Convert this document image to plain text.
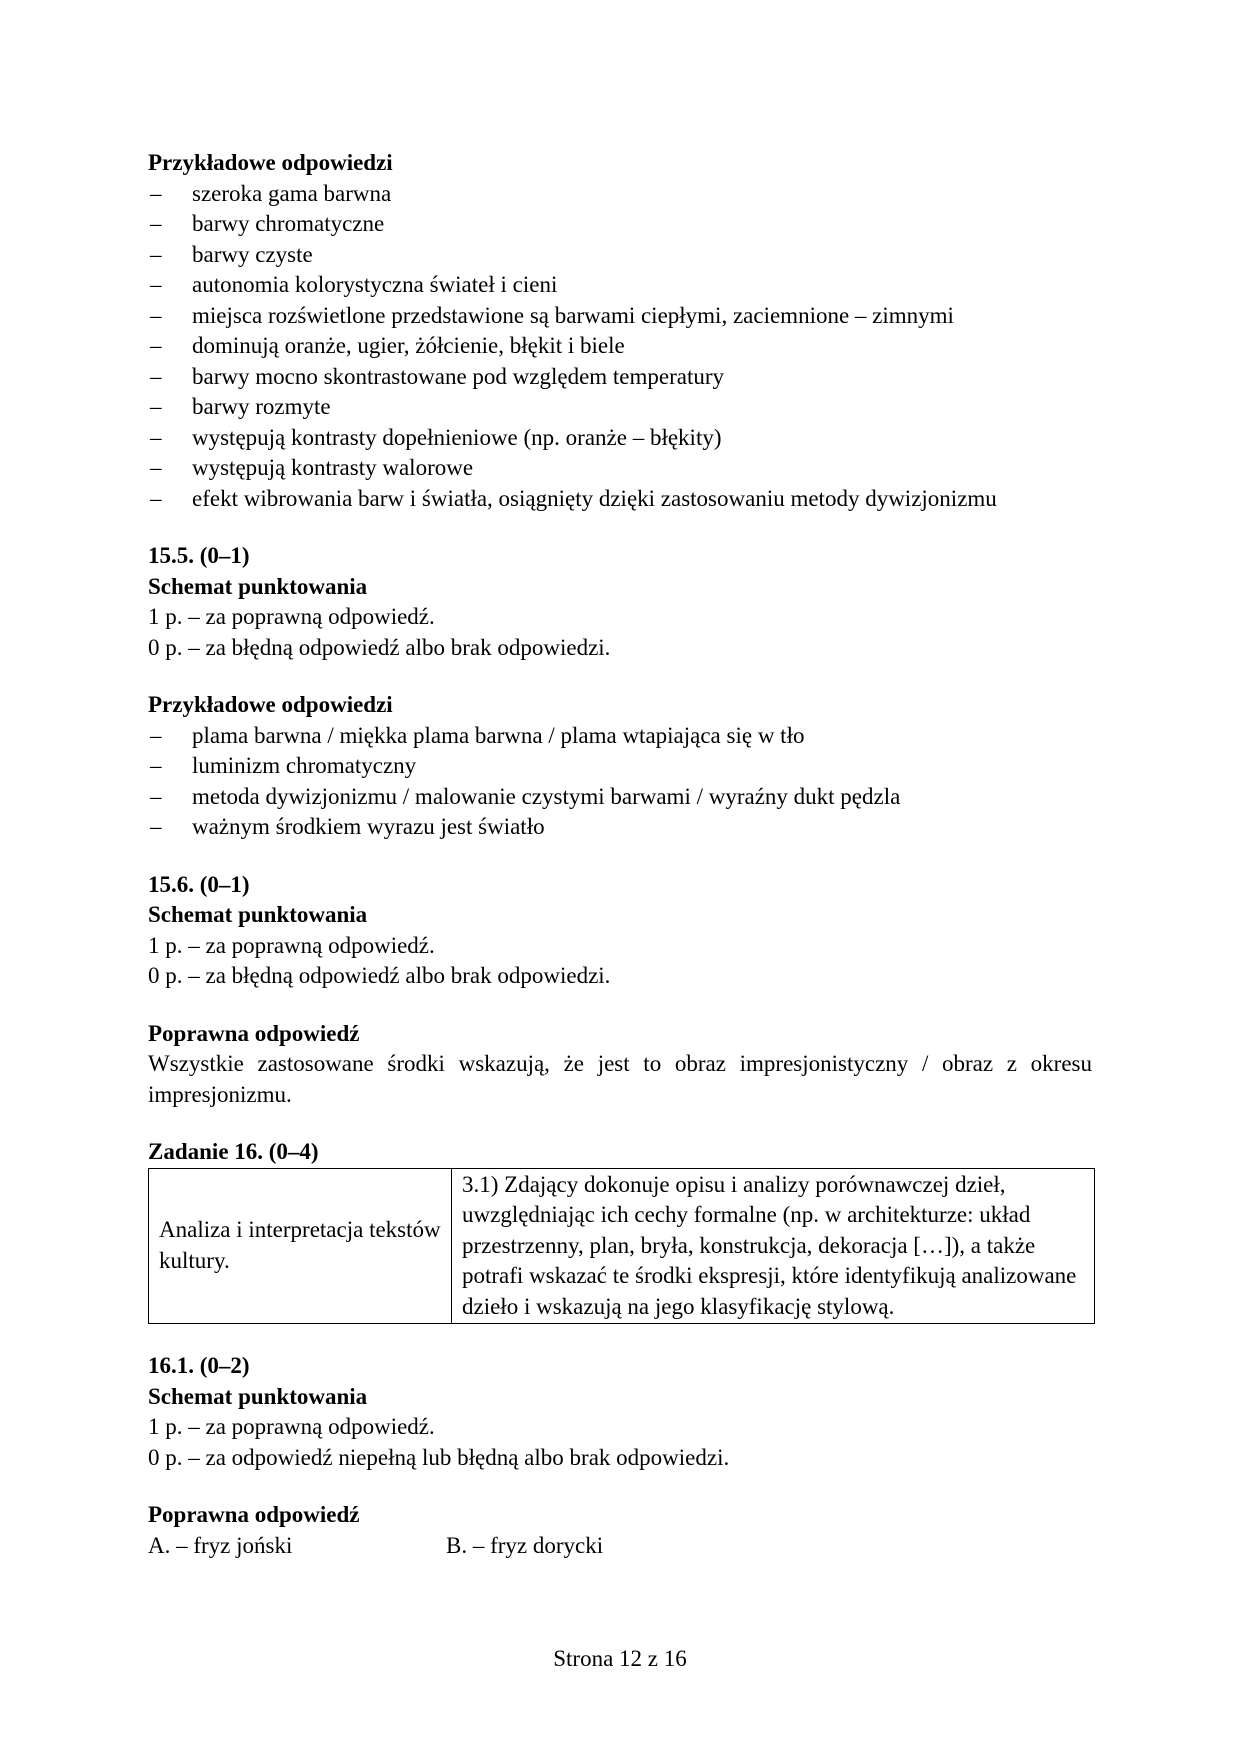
Przykładowe odpowiedzi

– szeroka gama barwna
– barwy chromatyczne
– barwy czyste
– autonomia kolorystyczna świateł i cieni
– miejsca rozświetlone przedstawione są barwami ciepłymi, zaciemnione – zimnymi
– dominują oranże, ugier, żółcienie, błękit i biele
– barwy mocno skontrastowane pod względem temperatury
– barwy rozmyte
– występują kontrasty dopełnieniowe (np. oranże – błękity)
– występują kontrasty walorowe
– efekt wibrowania barw i światła, osiągnięty dzięki zastosowaniu metody dywizjonizmu

15.5. (0–1)

Schemat punktowania

1 p. – za poprawną odpowiedź.

0 p. – za błędną odpowiedź albo brak odpowiedzi.

Przykładowe odpowiedzi

– plama barwna / miękka plama barwna / plama wtapiająca się w tło
– luminizm chromatyczny
– metoda dywizjonizmu / malowanie czystymi barwami / wyraźny dukt pędzla
– ważnym środkiem wyrazu jest światło

15.6. (0–1)

Schemat punktowania

1 p. – za poprawną odpowiedź.

0 p. – za błędną odpowiedź albo brak odpowiedzi.

Poprawna odpowiedź

Wszystkie zastosowane środki wskazują, że jest to obraz impresjonistyczny / obraz z okresu impresjonizmu.

Zadanie 16. (0–4)

Analiza i interpretacja tekstów kultury.	3.1) Zdający dokonuje opisu i analizy porównawczej dzieł, uwzględniając ich cechy formalne (np. w architekturze: układ przestrzenny, plan, bryła, konstrukcja, dekoracja […]), a także potrafi wskazać te środki ekspresji, które identyfikują analizowane dzieło i wskazują na jego klasyfikację stylową.

16.1. (0–2)

Schemat punktowania

1 p. – za poprawną odpowiedź.

0 p. – za odpowiedź niepełną lub błędną albo brak odpowiedzi.

Poprawna odpowiedź

A. – fryz joński	B. – fryz dorycki
Strona 12 z 16
